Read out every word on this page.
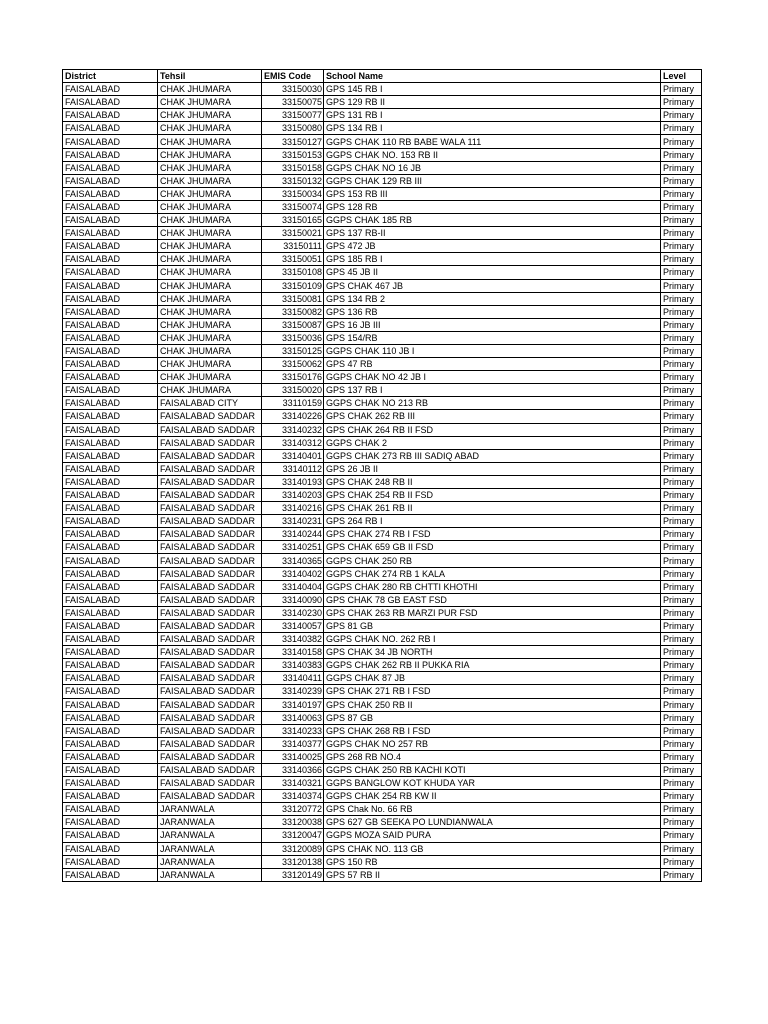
District	Tehsil	EMIS Code	School Name	Level
FAISALABAD	CHAK JHUMARA	33150030	GPS 145 RB I	Primary
FAISALABAD	CHAK JHUMARA	33150075	GPS 129 RB II	Primary
FAISALABAD	CHAK JHUMARA	33150077	GPS 131 RB I	Primary
FAISALABAD	CHAK JHUMARA	33150080	GPS 134 RB I	Primary
FAISALABAD	CHAK JHUMARA	33150127	GGPS CHAK 110 RB BABE WALA 111	Primary
FAISALABAD	CHAK JHUMARA	33150153	GGPS CHAK NO. 153 RB II	Primary
FAISALABAD	CHAK JHUMARA	33150158	GGPS CHAK NO 16 JB	Primary
FAISALABAD	CHAK JHUMARA	33150132	GGPS CHAK 129 RB III	Primary
FAISALABAD	CHAK JHUMARA	33150034	GPS 153 RB III	Primary
FAISALABAD	CHAK JHUMARA	33150074	GPS 128 RB	Primary
FAISALABAD	CHAK JHUMARA	33150165	GGPS CHAK 185 RB	Primary
FAISALABAD	CHAK JHUMARA	33150021	GPS 137 RB-II	Primary
FAISALABAD	CHAK JHUMARA	33150111	GPS 472 JB	Primary
FAISALABAD	CHAK JHUMARA	33150051	GPS 185 RB I	Primary
FAISALABAD	CHAK JHUMARA	33150108	GPS 45 JB II	Primary
FAISALABAD	CHAK JHUMARA	33150109	GPS CHAK 467 JB	Primary
FAISALABAD	CHAK JHUMARA	33150081	GPS 134 RB 2	Primary
FAISALABAD	CHAK JHUMARA	33150082	GPS 136 RB	Primary
FAISALABAD	CHAK JHUMARA	33150087	GPS 16 JB III	Primary
FAISALABAD	CHAK JHUMARA	33150036	GPS 154/RB	Primary
FAISALABAD	CHAK JHUMARA	33150125	GGPS CHAK 110 JB I	Primary
FAISALABAD	CHAK JHUMARA	33150062	GPS 47 RB	Primary
FAISALABAD	CHAK JHUMARA	33150176	GGPS CHAK NO 42 JB I	Primary
FAISALABAD	CHAK JHUMARA	33150020	GPS 137 RB I	Primary
FAISALABAD	FAISALABAD CITY	33110159	GGPS CHAK NO 213 RB	Primary
FAISALABAD	FAISALABAD SADDAR	33140226	GPS CHAK 262 RB III	Primary
FAISALABAD	FAISALABAD SADDAR	33140232	GPS CHAK 264 RB II FSD	Primary
FAISALABAD	FAISALABAD SADDAR	33140312	GGPS CHAK 2	Primary
FAISALABAD	FAISALABAD SADDAR	33140401	GGPS CHAK 273 RB III SADIQ ABAD	Primary
FAISALABAD	FAISALABAD SADDAR	33140112	GPS 26 JB II	Primary
FAISALABAD	FAISALABAD SADDAR	33140193	GPS CHAK 248 RB II	Primary
FAISALABAD	FAISALABAD SADDAR	33140203	GPS CHAK 254 RB II FSD	Primary
FAISALABAD	FAISALABAD SADDAR	33140216	GPS CHAK 261 RB II	Primary
FAISALABAD	FAISALABAD SADDAR	33140231	GPS 264 RB I	Primary
FAISALABAD	FAISALABAD SADDAR	33140244	GPS CHAK 274 RB I FSD	Primary
FAISALABAD	FAISALABAD SADDAR	33140251	GPS CHAK 659 GB II FSD	Primary
FAISALABAD	FAISALABAD SADDAR	33140365	GGPS CHAK 250 RB	Primary
FAISALABAD	FAISALABAD SADDAR	33140402	GGPS CHAK 274 RB 1 KALA	Primary
FAISALABAD	FAISALABAD SADDAR	33140404	GGPS CHAK 280 RB CHTTI KHOTHI	Primary
FAISALABAD	FAISALABAD SADDAR	33140090	GPS CHAK 78 GB EAST FSD	Primary
FAISALABAD	FAISALABAD SADDAR	33140230	GPS CHAK 263 RB MARZI PUR FSD	Primary
FAISALABAD	FAISALABAD SADDAR	33140057	GPS 81 GB	Primary
FAISALABAD	FAISALABAD SADDAR	33140382	GGPS CHAK NO. 262 RB I	Primary
FAISALABAD	FAISALABAD SADDAR	33140158	GPS CHAK 34 JB NORTH	Primary
FAISALABAD	FAISALABAD SADDAR	33140383	GGPS CHAK 262 RB II PUKKA RIA	Primary
FAISALABAD	FAISALABAD SADDAR	33140411	GGPS CHAK 87 JB	Primary
FAISALABAD	FAISALABAD SADDAR	33140239	GPS CHAK 271 RB I FSD	Primary
FAISALABAD	FAISALABAD SADDAR	33140197	GPS CHAK 250 RB II	Primary
FAISALABAD	FAISALABAD SADDAR	33140063	GPS 87 GB	Primary
FAISALABAD	FAISALABAD SADDAR	33140233	GPS CHAK 268 RB I FSD	Primary
FAISALABAD	FAISALABAD SADDAR	33140377	GGPS CHAK NO 257 RB	Primary
FAISALABAD	FAISALABAD SADDAR	33140025	GPS 268 RB NO.4	Primary
FAISALABAD	FAISALABAD SADDAR	33140366	GGPS CHAK 250 RB KACHI KOTI	Primary
FAISALABAD	FAISALABAD SADDAR	33140321	GGPS BANGLOW KOT KHUDA YAR	Primary
FAISALABAD	FAISALABAD SADDAR	33140374	GGPS CHAK 254 RB KW II	Primary
FAISALABAD	JARANWALA	33120772	GPS Chak No. 66 RB	Primary
FAISALABAD	JARANWALA	33120038	GPS 627 GB SEEKA PO LUNDIANWALA	Primary
FAISALABAD	JARANWALA	33120047	GGPS MOZA SAID PURA	Primary
FAISALABAD	JARANWALA	33120089	GPS CHAK NO. 113 GB	Primary
FAISALABAD	JARANWALA	33120138	GPS 150 RB	Primary
FAISALABAD	JARANWALA	33120149	GPS 57 RB II	Primary
